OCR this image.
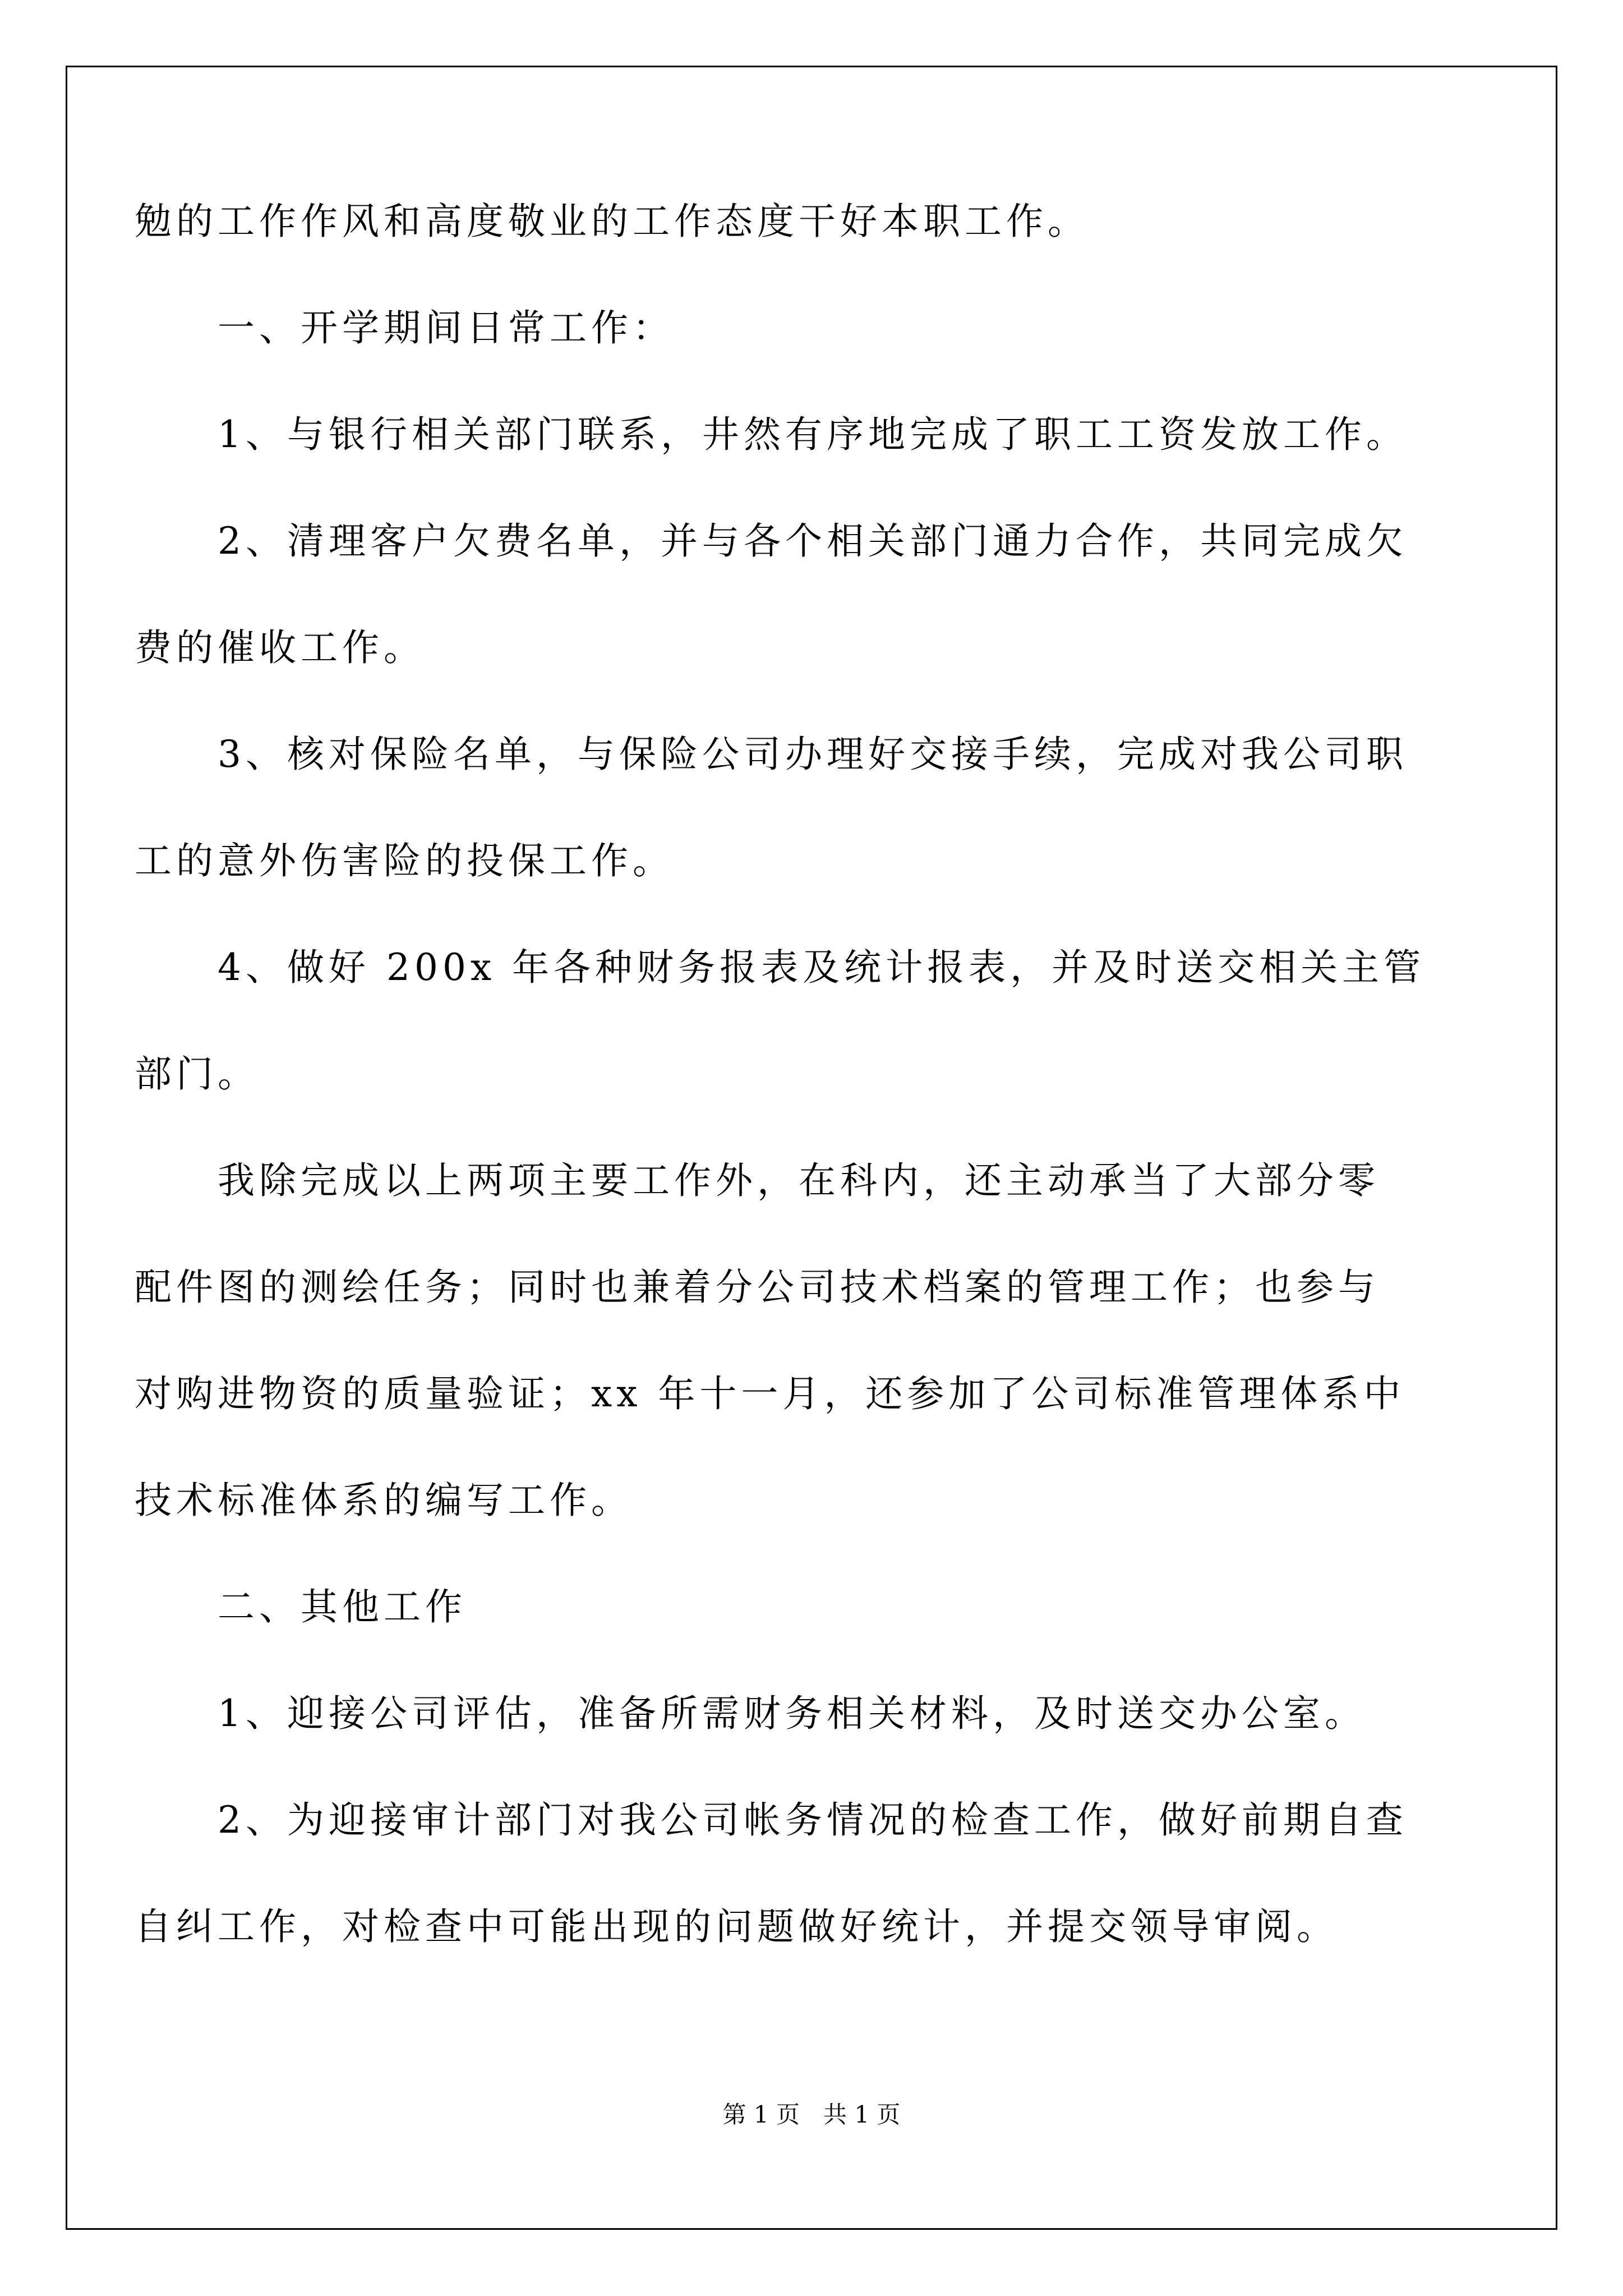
勉的工作作风和高度敬业的工作态度干好本职工作。
一、开学期间日常工作：
1、与银行相关部门联系，井然有序地完成了职工工资发放工作。
2、清理客户欠费名单，并与各个相关部门通力合作，共同完成欠
费的催收工作。
3、核对保险名单，与保险公司办理好交接手续，完成对我公司职
工的意外伤害险的投保工作。
4、做好 200x 年各种财务报表及统计报表，并及时送交相关主管
部门。
我除完成以上两项主要工作外，在科内，还主动承当了大部分零
配件图的测绘任务；同时也兼着分公司技术档案的管理工作；也参与
对购进物资的质量验证；xx 年十一月，还参加了公司标准管理体系中
技术标准体系的编写工作。
二、其他工作
1、迎接公司评估，准备所需财务相关材料，及时送交办公室。
2、为迎接审计部门对我公司帐务情况的检查工作，做好前期自查
自纠工作，对检查中可能出现的问题做好统计，并提交领导审阅。
第 1 页　共 1 页
